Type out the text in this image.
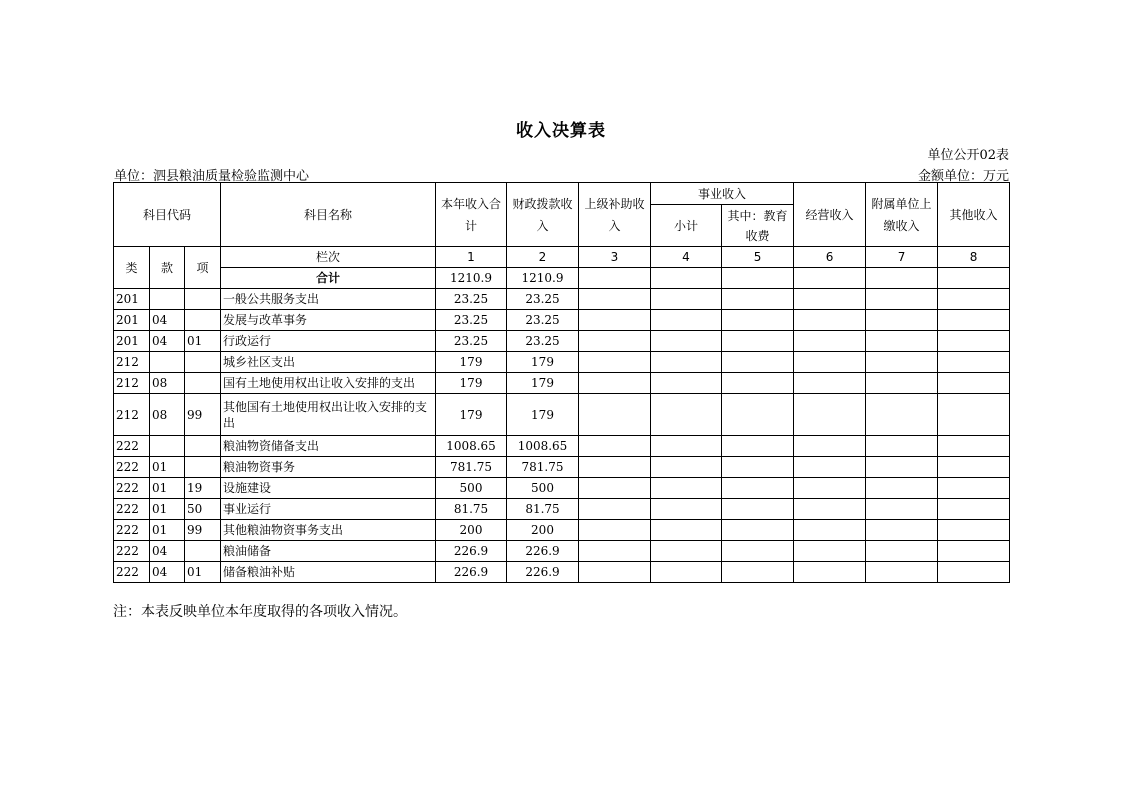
收入决算表
单位公开02表
单位：泗县粮油质量检验监测中心	金额单位：万元
科目代码			科目名称	本年收入合计	财政拨款收入	上级补助收入	事业收入		经营收入	附属单位上缴收入	其他收入
							小计	其中：教育收费			

类	款	项	栏次	1	2	3	4	5	6	7	8
			合计	1210.9	1210.9						
201			一般公共服务支出	23.25	23.25						
201	04		发展与改革事务	23.25	23.25						
201	04	01	行政运行	23.25	23.25						
212			城乡社区支出	179	179						
212	08		国有土地使用权出让收入安排的支出	179	179						
212	08	99	其他国有土地使用权出让收入安排的支出	179	179						
222			粮油物资储备支出	1008.65	1008.65						
222	01		粮油物资事务	781.75	781.75						
222	01	19	设施建设	500	500						
222	01	50	事业运行	81.75	81.75						
222	01	99	其他粮油物资事务支出	200	200						
222	04		粮油储备	226.9	226.9						
222	04	01	储备粮油补贴	226.9	226.9						
注：本表反映单位本年度取得的各项收入情况。
